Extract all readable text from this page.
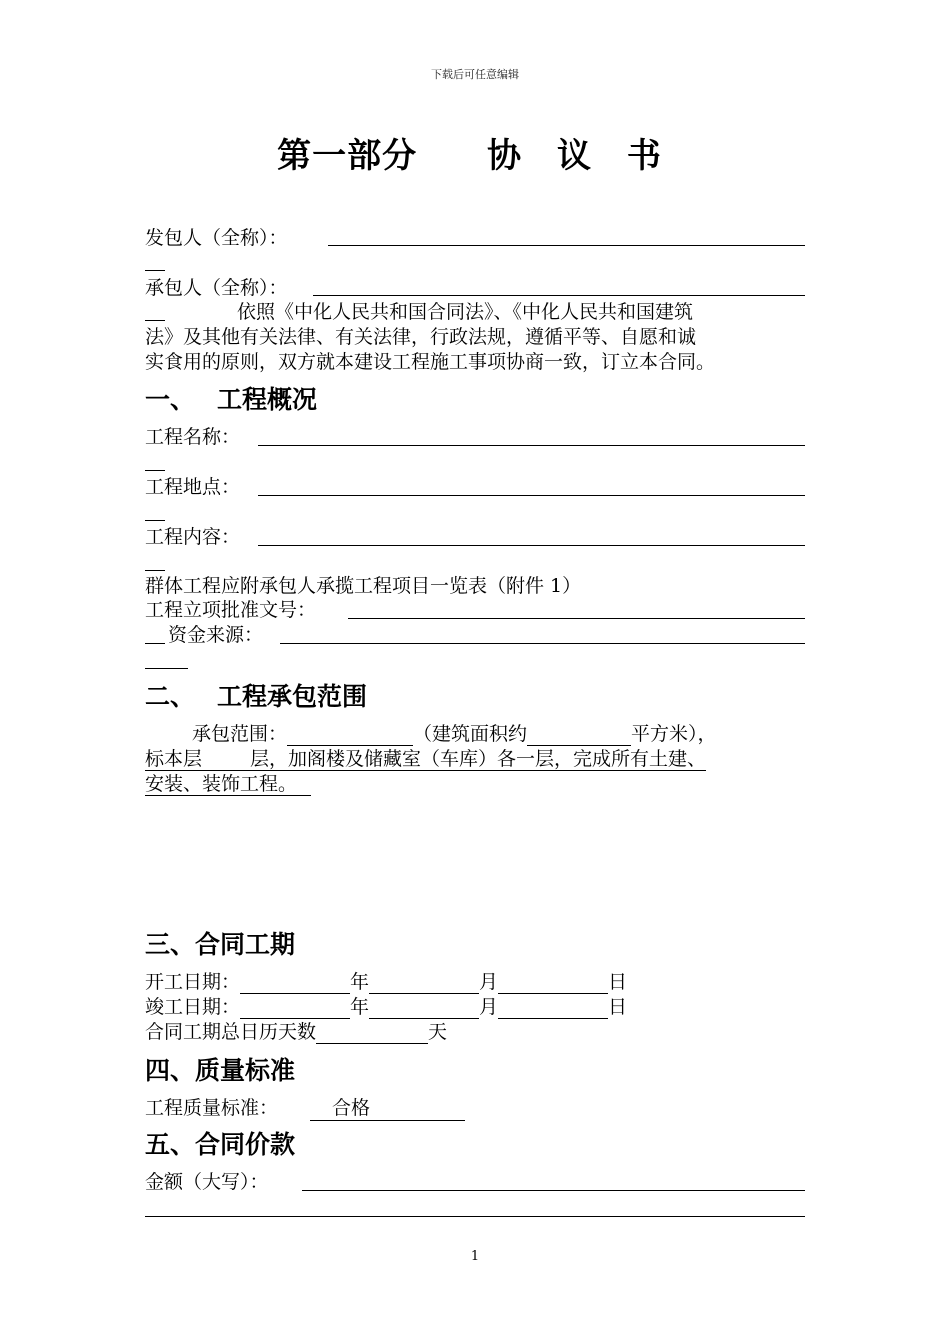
下载后可任意编辑
第一部分 协 议 书
发包人（全称）：
承包人（全称）：
依照《中化人民共和国合同法》、《中化人民共和国建筑
法》及其他有关法律、有关法律，行政法规，遵循平等、自愿和诚
实食用的原则，双方就本建设工程施工事项协商一致，订立本合同。
一、 工程概况
工程名称：
工程地点：
工程内容：
群体工程应附承包人承揽工程项目一览表（附件 1）
工程立项批准文号：
资金来源：
二、 工程承包范围
承包范围：	（建筑面积约	平方米），
标本层	层，加阁楼及储藏室（车库）各一层，完成所有土建、
安装、装饰工程。
三、合同工期
开工日期：	年	月	日
竣工日期：	年	月	日
合同工期总日历天数	天
四、质量标准
工程质量标准：	合格
五、合同价款
金额（大写）：
1
